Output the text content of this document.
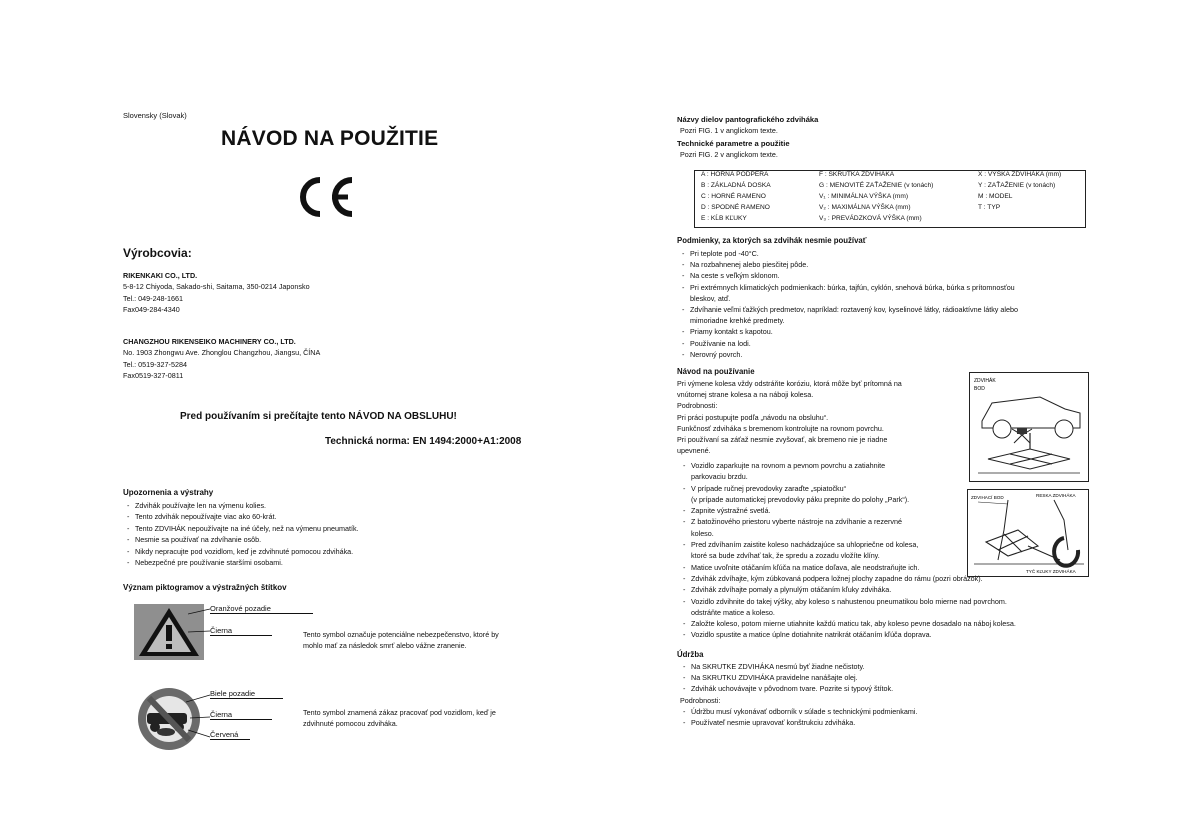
Slovensky (Slovak)
NÁVOD NA POUŽITIE
Výrobcovia:
RIKENKAKI CO., LTD.
5-8-12 Chiyoda, Sakado-shi, Saitama, 350-0214 Japonsko
Tel.: 049-248-1661
Fax049-284-4340
CHANGZHOU RIKENSEIKO MACHINERY CO., LTD.
No. 1903 Zhongwu Ave. Zhonglou Changzhou, Jiangsu, ČÍNA
Tel.: 0519-327-5284
Fax0519-327-0811
Pred používaním si prečítajte tento NÁVOD NA OBSLUHU!
Technická norma: EN 1494:2000+A1:2008
Upozornenia a výstrahy
- Zdvihák používajte len na výmenu kolies.
- Tento zdvihák nepoužívajte viac ako 60-krát.
- Tento ZDVIHÁK nepoužívajte na iné účely, než na výmenu pneumatík.
- Nesmie sa používať na zdvíhanie osôb.
- Nikdy nepracujte pod vozidlom, keď je zdvihnuté pomocou zdviháka.
- Nebezpečné pre používanie staršími osobami.
Význam piktogramov a výstražných štítkov
Oranžové pozadie
Čierna	Tento symbol označuje potenciálne nebezpečenstvo, ktoré by
mohlo mať za následok smrť alebo vážne zranenie.
Biele pozadie
Čierna
Červená
Tento symbol znamená zákaz pracovať pod vozidlom, keď je
zdvihnuté pomocou zdviháka.
Názvy dielov pantografického zdviháka
Pozri FIG. 1 v anglickom texte.
Technické parametre a použitie
Pozri FIG. 2 v anglickom texte.
A : HORNÁ PODPERA	F : SKRUTKA ZDVIHÁKA	X : VÝŠKA ZDVIHÁKA (mm)
B : ZÁKLADNÁ DOSKA	G : MENOVITÉ ZAŤAŽENIE (v tonách)	Y : ZAŤAŽENIE (v tonách)
C : HORNÉ RAMENO	V₁ : MINIMÁLNA VÝŠKA (mm)	M : MODEL
D : SPODNÉ RAMENO	V₂ : MAXIMÁLNA VÝŠKA (mm)	T : TYP
E : KĹB KĽUKY	V₃ : PREVÁDZKOVÁ VÝŠKA (mm)
Podmienky, za ktorých sa zdvihák nesmie používať
- Pri teplote pod -40°C.
- Na rozbahnenej alebo piesčitej pôde.
- Na ceste s veľkým sklonom.
- Pri extrémnych klimatických podmienkach: búrka, tajfún, cyklón, snehová búrka, búrka s prítomnosťou
bleskov, atď.
- Zdvíhanie veľmi ťažkých predmetov, napríklad: roztavený kov, kyselinové látky, rádioaktívne látky alebo
mimoriadne krehké predmety.
- Priamy kontakt s kapotou.
- Používanie na lodi.
- Nerovný povrch.
Návod na používanie
Pri výmene kolesa vždy odstráňte koróziu, ktorá môže byť prítomná na
vnútornej strane kolesa a na náboji kolesa.
Podrobnosti:
Pri práci postupujte podľa „návodu na obsluhu“.
Funkčnosť zdviháka s bremenom kontrolujte na rovnom povrchu.
Pri používaní sa záťaž nesmie zvyšovať, ak bremeno nie je riadne
upevnené.
- Vozidlo zaparkujte na rovnom a pevnom povrchu a zatiahnite
parkovaciu brzdu.
- V prípade ručnej prevodovky zaraďte „spiatočku“
(v prípade automatickej prevodovky páku prepnite do polohy „Park“).
- Zapnite výstražné svetlá.
- Z batožinového priestoru vyberte nástroje na zdvíhanie a rezervné
koleso.
- Pred zdvíhaním zaistite koleso nachádzajúce sa uhlopriečne od kolesa,
ktoré sa bude zdvíhať tak, že spredu a zozadu vložíte klíny.
- Matice uvoľnite otáčaním kľúča na matice doľava, ale neodstraňujte ich.
- Zdvihák zdvíhajte, kým zúbkovaná podpera ložnej plochy zapadne do rámu (pozri obrázok).
- Zdvihák zdvíhajte pomaly a plynulým otáčaním kľuky zdviháka.
- Vozidlo zdvihnite do takej výšky, aby koleso s nahustenou pneumatikou bolo mierne nad povrchom.
odstráňte matice a koleso.
- Založte koleso, potom mierne utiahnite každú maticu tak, aby koleso pevne dosadalo na náboj kolesa.
- Vozidlo spustite a matice úplne dotiahnite natrikrát otáčaním kľúča doprava.
Údržba
- Na SKRUTKE ZDVIHÁKA nesmú byť žiadne nečistoty.
- Na SKRUTKU ZDVIHÁKA pravidelne nanášajte olej.
- Zdvihák uchovávajte v pôvodnom tvare. Pozrite si typový štítok.
Podrobnosti:
- Údržbu musí vykonávať odborník v súlade s technickými podmienkami.
- Používateľ nesmie upravovať konštrukciu zdviháka.
ZDVIHÁK
BOD
ZDVIHACÍ BOD	RESKA ZDVIHÁKA
TYČ KĽUKY ZDVIHÁKA
